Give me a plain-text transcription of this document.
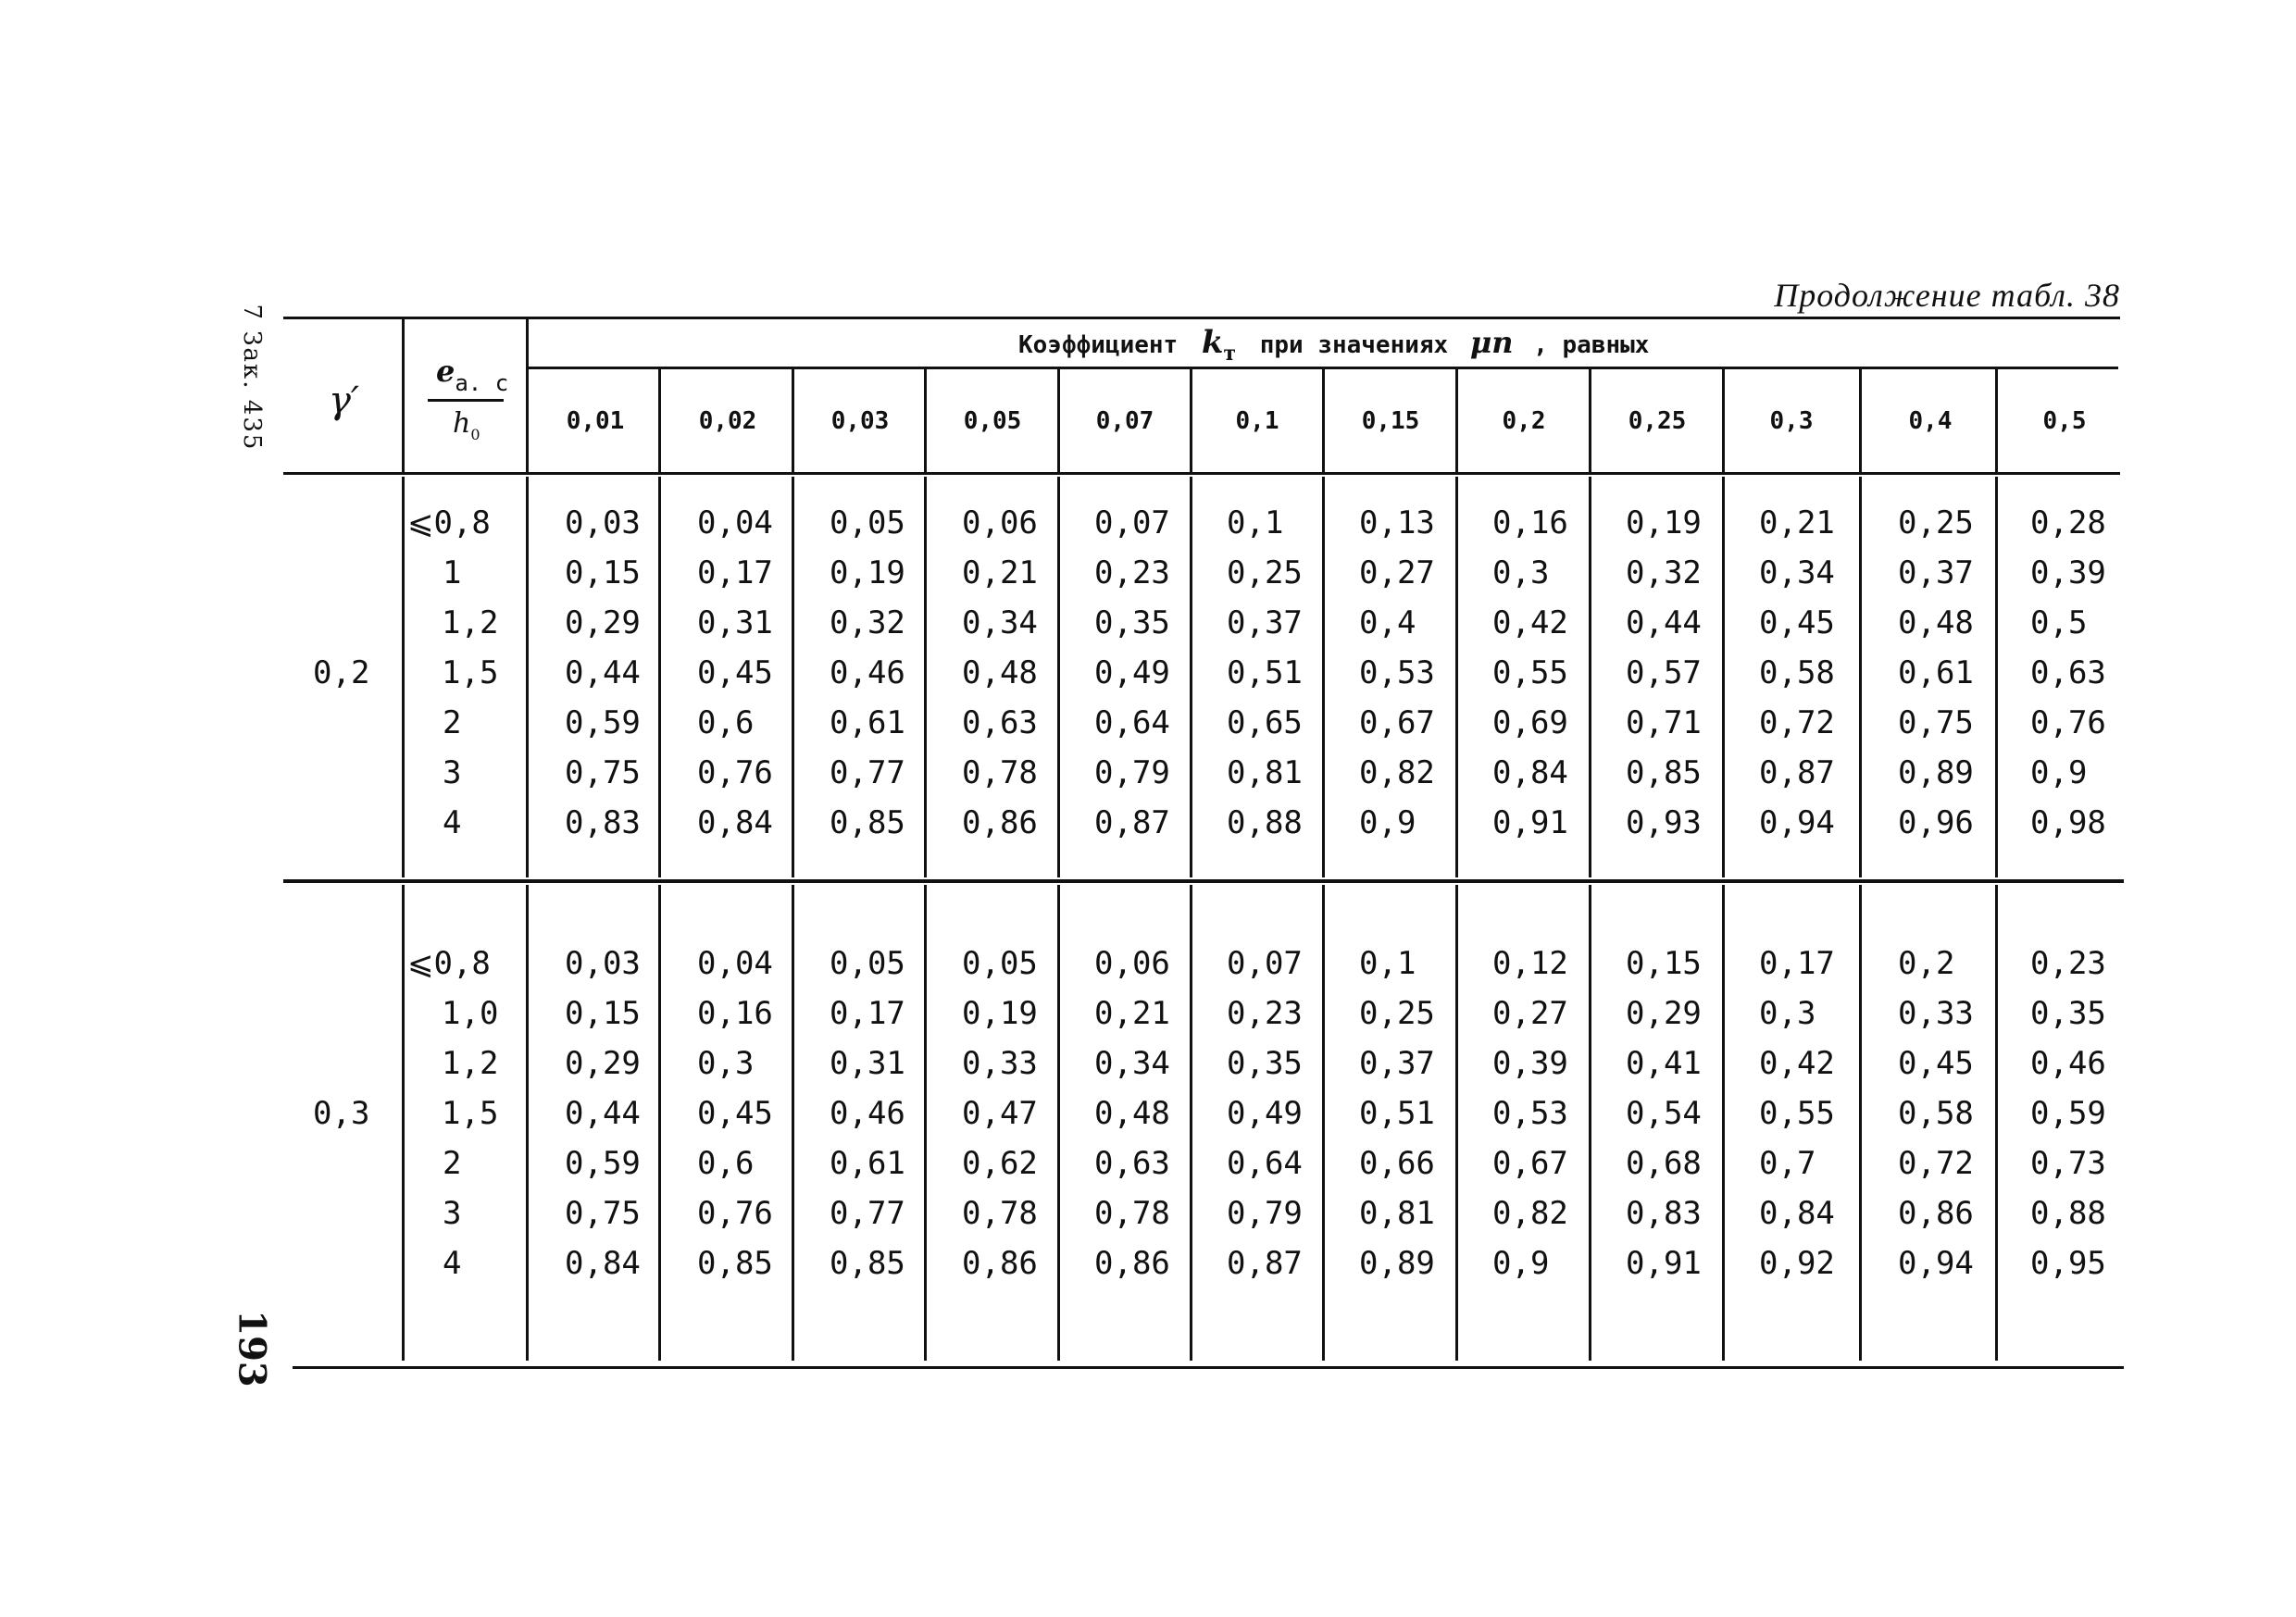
Продолжение табл. 38
7 Зак. 435
193
γ′
$e_{а. с}$
$h_0$
Коэффициент $k_т$ при значениях μn , равных
0,01	0,02	0,03	0,05	0,07	0,1	0,15	0,2	0,25	0,3	0,4	0,5
0,2
⩽0,8 0,03 0,04 0,05 0,06 0,07 0,1 0,13 0,16 0,19 0,21 0,25 0,28
1	0,15 0,17 0,19 0,21 0,23 0,25 0,27 0,3 0,32 0,34 0,37 0,39
1,2 0,29 0,31 0,32 0,34 0,35 0,37 0,4 0,42 0,44 0,45 0,48 0,5
1,5 0,44 0,45 0,46 0,48 0,49 0,51 0,53 0,55 0,57 0,58 0,61 0,63
2	0,59 0,6 0,61 0,63 0,64 0,65 0,67 0,69 0,71 0,72 0,75 0,76
3	0,75 0,76 0,77 0,78 0,79 0,81 0,82 0,84 0,85 0,87 0,89 0,9
4	0,83 0,84 0,85 0,86 0,87 0,88 0,9 0,91 0,93 0,94 0,96 0,98
0,3
⩽0,8 0,03 0,04 0,05 0,05 0,06 0,07 0,1 0,12 0,15 0,17 0,2 0,23
1,0 0,15 0,16 0,17 0,19 0,21 0,23 0,25 0,27 0,29 0,3	0,33 0,35
1,2 0,29 0,3 0,31 0,33 0,34 0,35 0,37 0,39 0,41 0,42 0,45 0,46
1,5 0,44 0,45 0,46 0,47 0,48 0,49 0,51 0,53 0,54 0,55 0,58 0,59
2	0,59 0,6 0,61 0,62 0,63 0,64 0,66 0,67 0,68 0,7	0,72 0,73
3	0,75 0,76 0,77 0,78 0,78 0,79 0,81 0,82 0,83 0,84 0,86 0,88
4	0,84 0,85 0,85 0,86 0,86 0,87 0,89 0,9 0,91 0,92 0,94 0,95
